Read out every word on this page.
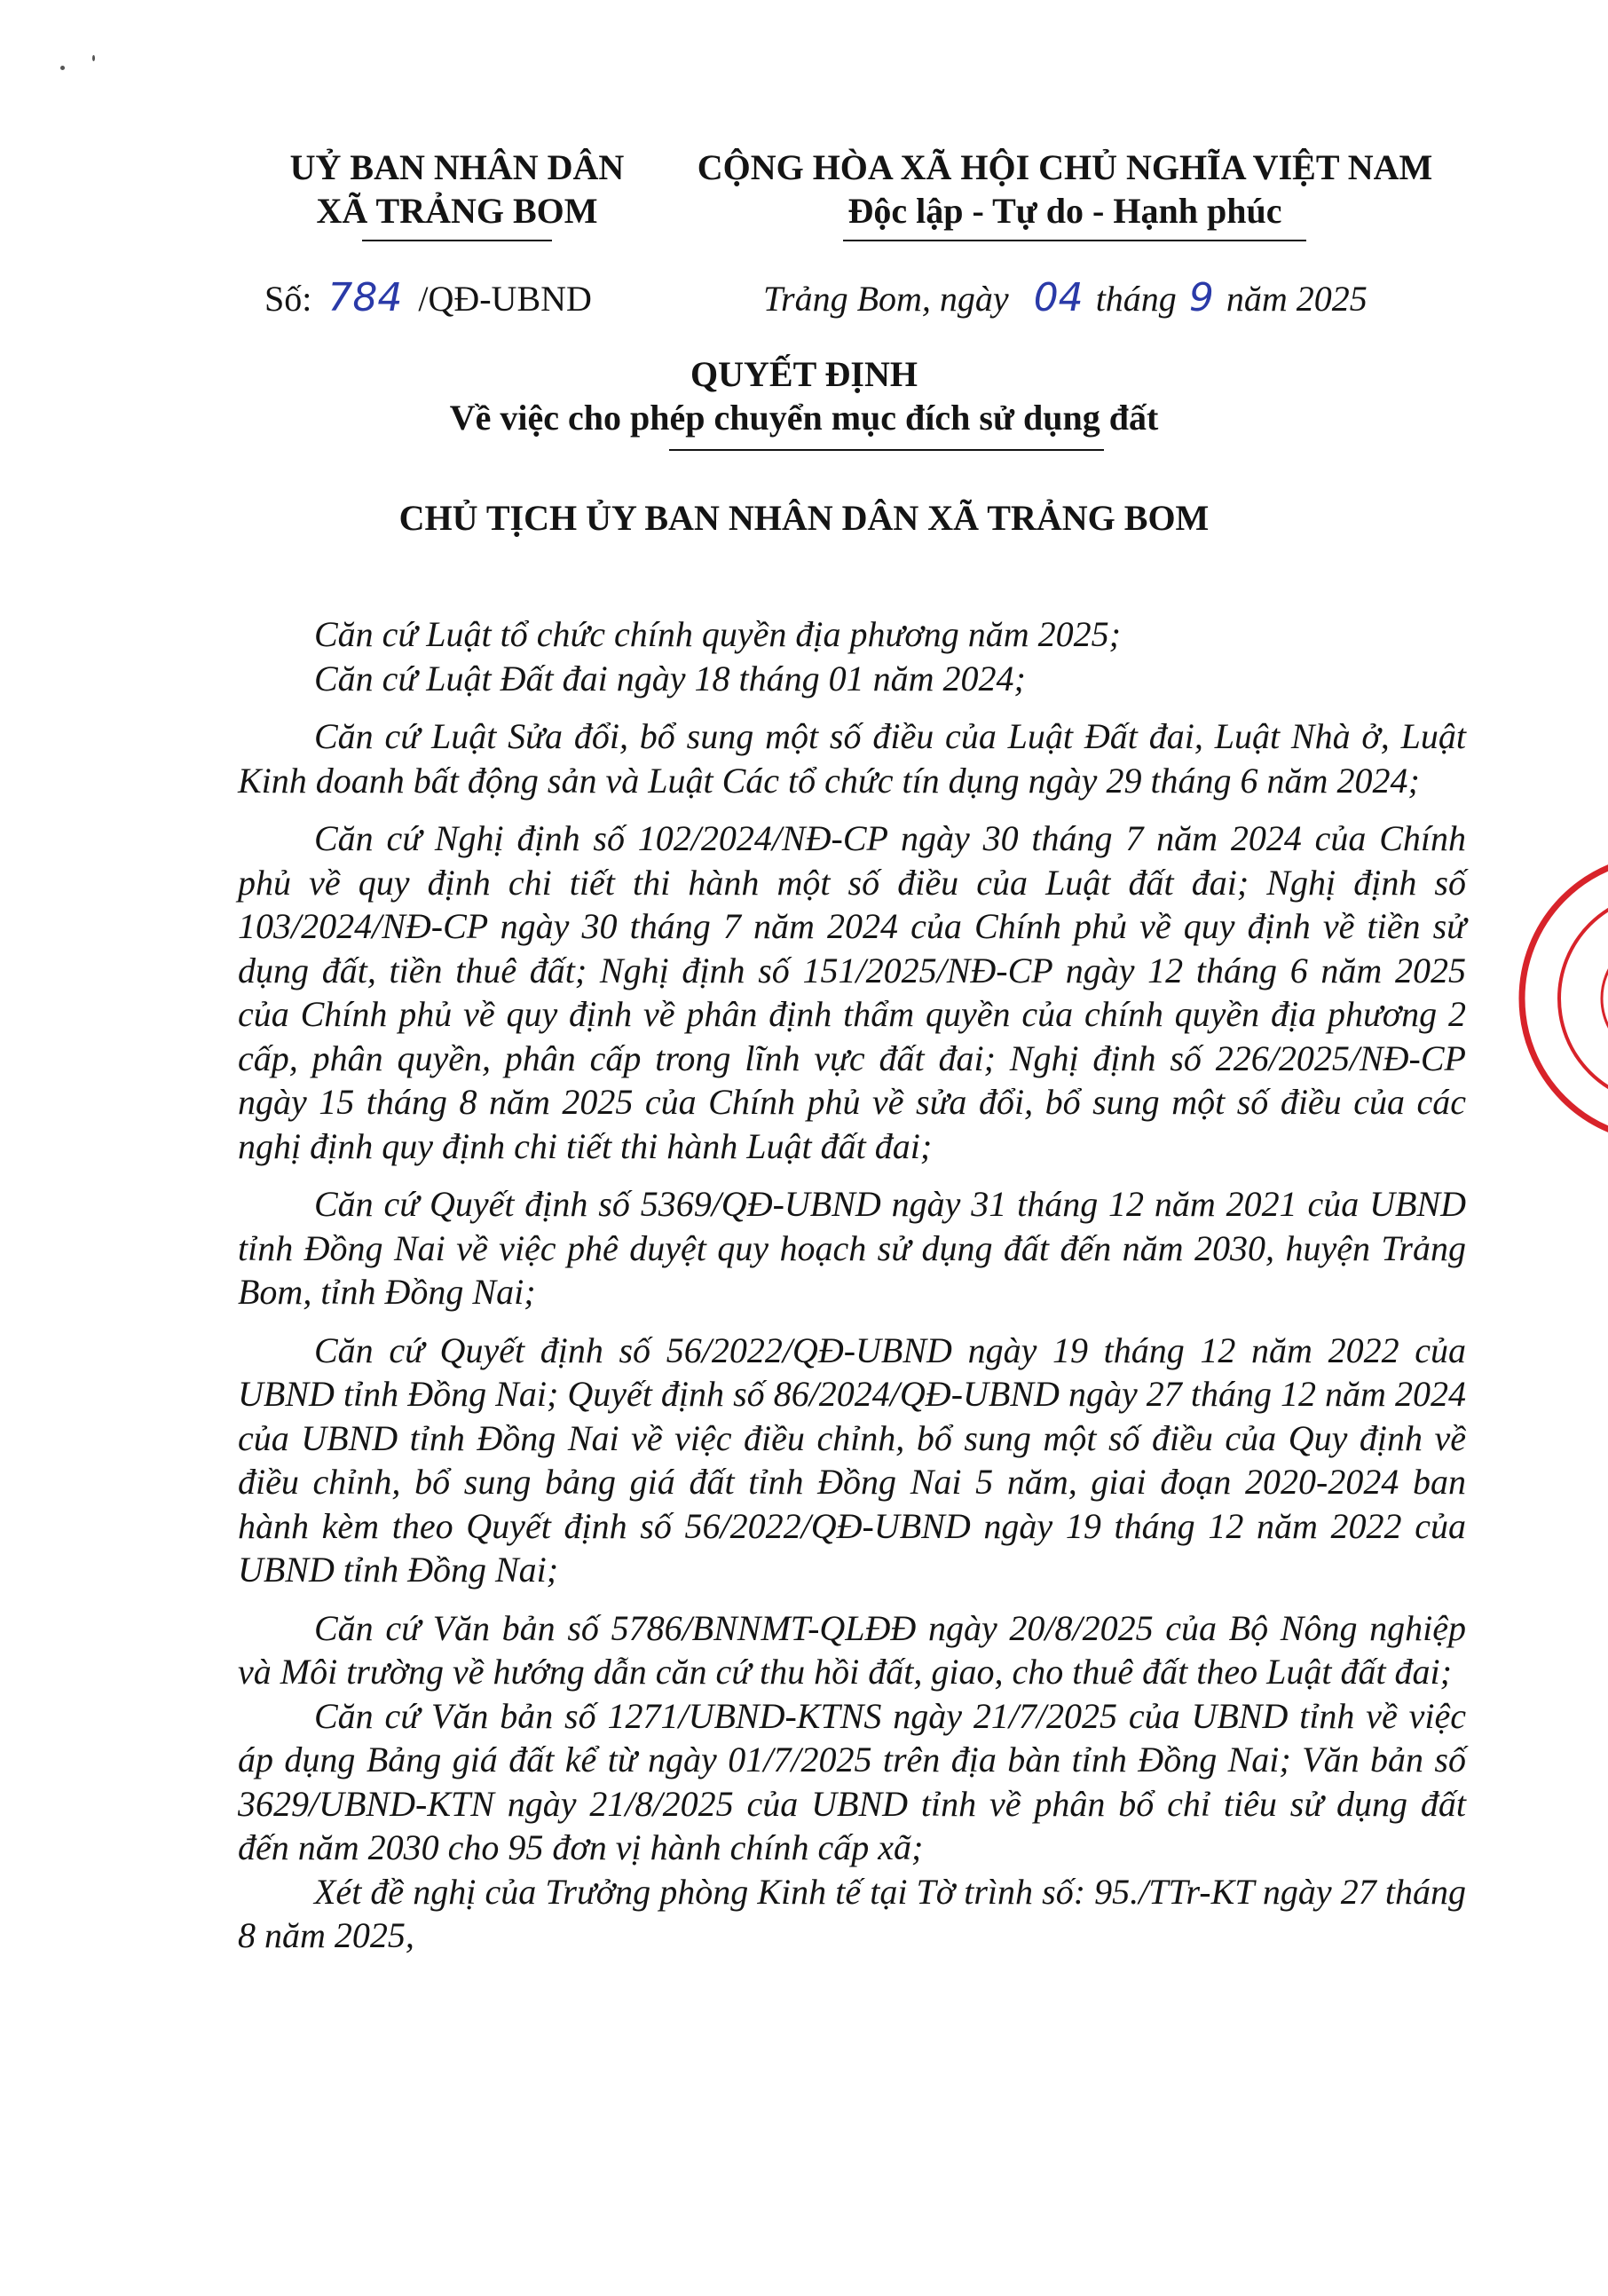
UỶ BAN NHÂN DÂN
XÃ TRẢNG BOM
CỘNG HÒA XÃ HỘI CHỦ NGHĨA VIỆT NAM
Độc lập - Tự do - Hạnh phúc
Số: 784 /QĐ-UBND	Trảng Bom, ngày 04 tháng 9 năm 2025
QUYẾT ĐỊNH
Về việc cho phép chuyển mục đích sử dụng đất
CHỦ TỊCH ỦY BAN NHÂN DÂN XÃ TRẢNG BOM

Căn cứ Luật tổ chức chính quyền địa phương năm 2025;

Căn cứ Luật Đất đai ngày 18 tháng 01 năm 2024;

Căn cứ Luật Sửa đổi, bổ sung một số điều của Luật Đất đai, Luật Nhà ở, Luật Kinh doanh bất động sản và Luật Các tổ chức tín dụng ngày 29 tháng 6 năm 2024;

Căn cứ Nghị định số 102/2024/NĐ-CP ngày 30 tháng 7 năm 2024 của Chính phủ về quy định chi tiết thi hành một số điều của Luật đất đai; Nghị định số 103/2024/NĐ-CP ngày 30 tháng 7 năm 2024 của Chính phủ về quy định về tiền sử dụng đất, tiền thuê đất; Nghị định số 151/2025/NĐ-CP ngày 12 tháng 6 năm 2025 của Chính phủ về quy định về phân định thẩm quyền của chính quyền địa phương 2 cấp, phân quyền, phân cấp trong lĩnh vực đất đai; Nghị định số 226/2025/NĐ-CP ngày 15 tháng 8 năm 2025 của Chính phủ về sửa đổi, bổ sung một số điều của các nghị định quy định chi tiết thi hành Luật đất đai;

Căn cứ Quyết định số 5369/QĐ-UBND ngày 31 tháng 12 năm 2021 của UBND tỉnh Đồng Nai về việc phê duyệt quy hoạch sử dụng đất đến năm 2030, huyện Trảng Bom, tỉnh Đồng Nai;

Căn cứ Quyết định số 56/2022/QĐ-UBND ngày 19 tháng 12 năm 2022 của UBND tỉnh Đồng Nai; Quyết định số 86/2024/QĐ-UBND ngày 27 tháng 12 năm 2024 của UBND tỉnh Đồng Nai về việc điều chỉnh, bổ sung một số điều của Quy định về điều chỉnh, bổ sung bảng giá đất tỉnh Đồng Nai 5 năm, giai đoạn 2020-2024 ban hành kèm theo Quyết định số 56/2022/QĐ-UBND ngày 19 tháng 12 năm 2022 của UBND tỉnh Đồng Nai;

Căn cứ Văn bản số 5786/BNNMT-QLĐĐ ngày 20/8/2025 của Bộ Nông nghiệp và Môi trường về hướng dẫn căn cứ thu hồi đất, giao, cho thuê đất theo Luật đất đai;

Căn cứ Văn bản số 1271/UBND-KTNS ngày 21/7/2025 của UBND tỉnh về việc áp dụng Bảng giá đất kể từ ngày 01/7/2025 trên địa bàn tỉnh Đồng Nai; Văn bản số 3629/UBND-KTN ngày 21/8/2025 của UBND tỉnh về phân bổ chỉ tiêu sử dụng đất đến năm 2030 cho 95 đơn vị hành chính cấp xã;

Xét đề nghị của Trưởng phòng Kinh tế tại Tờ trình số: 95./TTr-KT ngày 27 tháng 8 năm 2025,
